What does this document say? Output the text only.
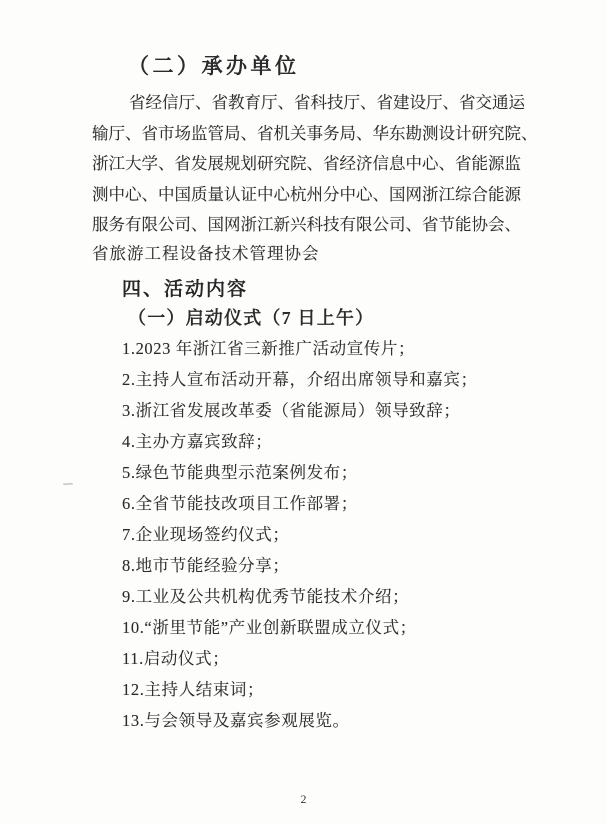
（二）承办单位
省 经 信 厅 、 省 教 育 厅 、 省 科 技 厅 、 省 建 设 厅 、 省 交 通 运
输 厅 、 省 市 场 监 管 局 、 省 机 关 事 务 局 、 华 东 勘 测 设 计 研 究 院 、
浙 江 大 学 、 省 发 展 规 划 研 究 院 、 省 经 济 信 息 中 心 、 省 能 源 监
测 中 心 、 中 国 质 量 认 证 中 心 杭 州 分 中 心 、 国 网 浙 江 综 合 能 源
服 务 有 限 公 司 、 国 网 浙 江 新 兴 科 技 有 限 公 司 、 省 节 能 协 会 、
省旅游工程设备技术管理协会
四、活动内容
（一）启动仪式（7 日上午）
1.2023 年浙江省三新推广活动宣传片；
2.主持人宣布活动开幕，介绍出席领导和嘉宾；
3.浙江省发展改革委（省能源局）领导致辞；
4.主办方嘉宾致辞；
5.绿色节能典型示范案例发布；
6.全省节能技改项目工作部署；
7.企业现场签约仪式；
8.地市节能经验分享；
9.工业及公共机构优秀节能技术介绍；
10.“浙里节能”产业创新联盟成立仪式；
11.启动仪式；
12.主持人结束词；
13.与会领导及嘉宾参观展览。
2
